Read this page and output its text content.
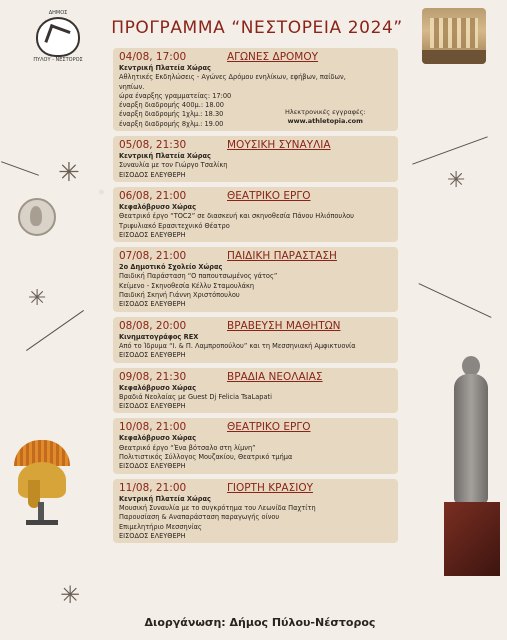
ΔΗΜΟΣ
ΠΥΛΟΥ - ΝΕΣΤΟΡΟΣ
ΠΡΟΓΡΑΜΜΑ “ΝΕΣΤΟΡΕΙΑ 2024”
✳
✳
✳
✳
04/08, 17:00	ΑΓΩΝΕΣ ΔΡΟΜΟΥ
Κεντρική Πλατεία Χώρας
Αθλητικές Εκδηλώσεις - Αγώνες Δρόμου ενηλίκων, εφήβων, παίδων,
νηπίων.
ώρα έναρξης γραμματείας: 17:00
έναρξη διαδρομής 400μ.: 18.00
έναρξη διαδρομής 1χλμ.: 18.30
έναρξη διαδρομής 8χλμ.: 19.00
Ηλεκτρονικές εγγραφές:
www.athletopia.com
05/08, 21:30	ΜΟΥΣΙΚΗ ΣΥΝΑΥΛΙΑ
Κεντρική Πλατεία Χώρας
Συναυλία με τον Γιώργο Τσαλίκη
ΕΙΣΟΔΟΣ ΕΛΕΥΘΕΡΗ
06/08, 21:00	ΘΕΑΤΡΙΚΟ ΕΡΓΟ
Κεφαλόβρυσο Χώρας
Θεατρικό έργο “ΤΟC2” σε διασκευή και σκηνοθεσία Πάνου Ηλιόπουλου
Τριφυλιακό Ερασιτεχνικό Θέατρο
ΕΙΣΟΔΟΣ ΕΛΕΥΘΕΡΗ
07/08, 21:00	ΠΑΙΔΙΚΗ ΠΑΡΑΣΤΑΣΗ
2ο Δημοτικό Σχολείο Χώρας
Παιδική Παράσταση “Ο παπουτσωμένος γάτος”
Κείμενο - Σκηνοθεσία Κέλλυ Σταμουλάκη
Παιδική Σκηνή Γιάννη Χριστόπουλου
ΕΙΣΟΔΟΣ ΕΛΕΥΘΕΡΗ
08/08, 20:00	ΒΡΑΒΕΥΣΗ ΜΑΘΗΤΩΝ
Κινηματογράφος REX
Από το Ίδρυμα “Ι. & Π. Λαμπροπούλου” και τη Μεσσηνιακή Αμφικτυονία
ΕΙΣΟΔΟΣ ΕΛΕΥΘΕΡΗ
09/08, 21:30	ΒΡΑΔΙΑ ΝΕΟΛΑΙΑΣ
Κεφαλόβρυσο Χώρας
Βραδιά Νεολαίας με Guest Dj Felicia TsaLapati
ΕΙΣΟΔΟΣ ΕΛΕΥΘΕΡΗ
10/08, 21:00	ΘΕΑΤΡΙΚΟ ΕΡΓΟ
Κεφαλόβρυσο Χώρας
Θεατρικό έργο “Ένα βότσαλο στη λίμνη”
Πολιτιστικός Σύλλογος Μουζακίου, Θεατρικό τμήμα
ΕΙΣΟΔΟΣ ΕΛΕΥΘΕΡΗ
11/08, 21:00	ΓΙΟΡΤΗ ΚΡΑΣΙΟΥ
Κεντρική Πλατεία Χώρας
Μουσική Συναυλία με το συγκρότημα του Λεωνίδα Παχτίτη
Παρουσίαση & Αναπαράσταση παραγωγής οίνου
Επιμελητήριο Μεσσηνίας
ΕΙΣΟΔΟΣ ΕΛΕΥΘΕΡΗ
Διοργάνωση: Δήμος Πύλου-Νέστορος
